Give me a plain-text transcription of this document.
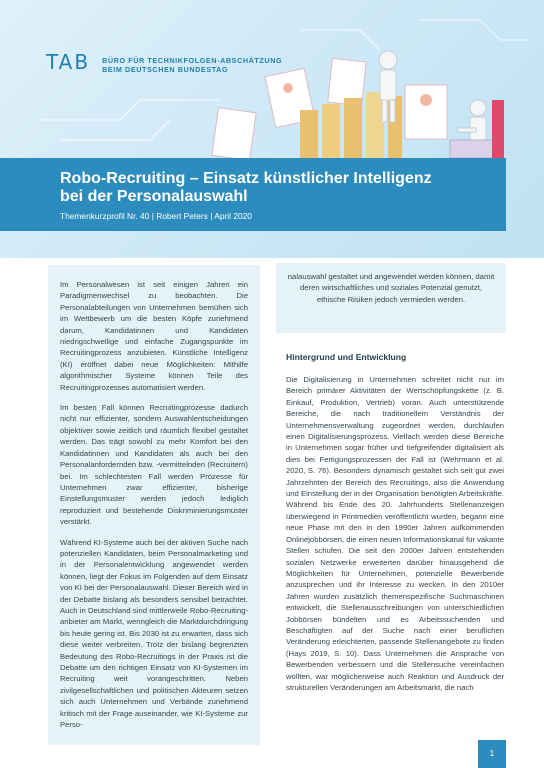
TAB BÜRO FÜR TECHNIKFOLGEN-ABSCHÄTZUNG
BEIM DEUTSCHEN BUNDESTAG
Robo-Recruiting – Einsatz künstlicher Intelligenz
bei der Personalauswahl

Themenkurzprofil Nr. 40 | Robert Peters | April 2020

Im Personalwesen ist seit einigen Jahren ein Paradigmenwechsel zu beobachten. Die Personalabteilungen von Unternehmen bemühen sich im Wettbewerb um die besten Köpfe zunehmend darum, Kandidatinnen und Kandidaten niedrigschwellige und einfache Zugangspunkte im Recruitingprozess anzubieten. Künstliche Intelligenz (KI) eröffnet dabei neue Möglichkeiten: Mithilfe algorithmischer Systeme können Teile des Recruitingprozesses automatisiert werden.

Im besten Fall können Recruitingprozesse dadurch nicht nur effizienter, sondern Auswahlentscheidungen objektiver sowie zeitlich und räumlich flexibel gestaltet werden. Das trägt sowohl zu mehr Komfort bei den Kandidatinnen und Kandidaten als auch bei den Personalanfordernden bzw. -vermittelnden (Recruitern) bei. Im schlechtesten Fall werden Prozesse für Unternehmen zwar effizienter, bisherige Einstellungsmuster werden jedoch lediglich reproduziert und bestehende Diskriminierungsmuster verstärkt.

Während KI-Systeme auch bei der aktiven Suche nach potenziellen Kandidaten, beim Personalmarketing und in der Personalentwicklung angewendet werden können, liegt der Fokus im Folgenden auf dem Einsatz von KI bei der Personalauswahl. Dieser Bereich wird in der Debatte bislang als besonders sensibel betrachtet. Auch in Deutschland sind mittlerweile Robo-Recruiting-anbieter am Markt, wenngleich die Marktdurchdringung bis heute gering ist. Bis 2030 ist zu erwarten, dass sich diese weiter verbreiten. Trotz der bislang begrenzten Bedeutung des Robo-Recruitings in der Praxis ist die Debatte um den richtigen Einsatz von KI-Systemen im Recruiting weit vorangeschritten. Neben zivilgesellschaftlichen und politischen Akteuren setzen sich auch Unternehmen und Verbände zunehmend kritisch mit der Frage auseinander, wie KI-Systeme zur Perso-

nalauswahl gestaltet und angewendet werden können, damit deren wirtschaftliches und soziales Potenzial genutzt, ethische Risiken jedoch vermieden werden.
Hintergrund und Entwicklung
Die Digitalisierung in Unternehmen schreitet nicht nur im Bereich primärer Aktivitäten der Wertschöpfungskette (z. B. Einkauf, Produktion, Vertrieb) voran. Auch unterstützende Bereiche, die nach traditionellem Verständnis der Unternehmensverwaltung zugeordnet werden, durchlaufen einen Digitalisierungsprozess. Vielfach werden diese Bereiche in Unternehmen sogar früher und tiefgreifender digitalisiert als dies bei Fertigungsprozessen der Fall ist (Wehrmann et al. 2020, S. 76). Besonders dynamisch gestaltet sich seit gut zwei Jahrzehnten der Bereich des Recruitings, also die Anwendung und Einstellung der in der Organisation benötigten Arbeitskräfte. Während bis Ende des 20. Jahrhunderts Stellenanzeigen überwiegend in Printmedien veröffentlicht wurden, begann eine neue Phase mit den in den 1990er Jahren aufkommenden Onlinejobbörsen, die einen neuen Informationskanal für vakante Stellen schufen. Die seit den 2000er Jahren entstehenden sozialen Netzwerke erweiterten darüber hinausgehend die Möglichkeiten für Unternehmen, potenzielle Bewerbende anzusprechen und ihr Interesse zu wecken. In den 2010er Jahren wurden zusätzlich themenspezifische Suchmaschinen entwickelt, die Stellenausschreibungen von unterschiedlichen Jobbörsen bündelten und es Arbeitssuchenden und Beschäftigten auf der Suche nach einer beruflichen Veränderung erleichterten, passende Stellenangebote zu finden (Hays 2019, S. 10). Dass Unternehmen die Ansprache von Bewerbenden verbessern und die Stellensuche vereinfachen wollten, war möglicherweise auch Reaktion und Ausdruck der strukturellen Veränderungen am Arbeitsmarkt, die nach
1
